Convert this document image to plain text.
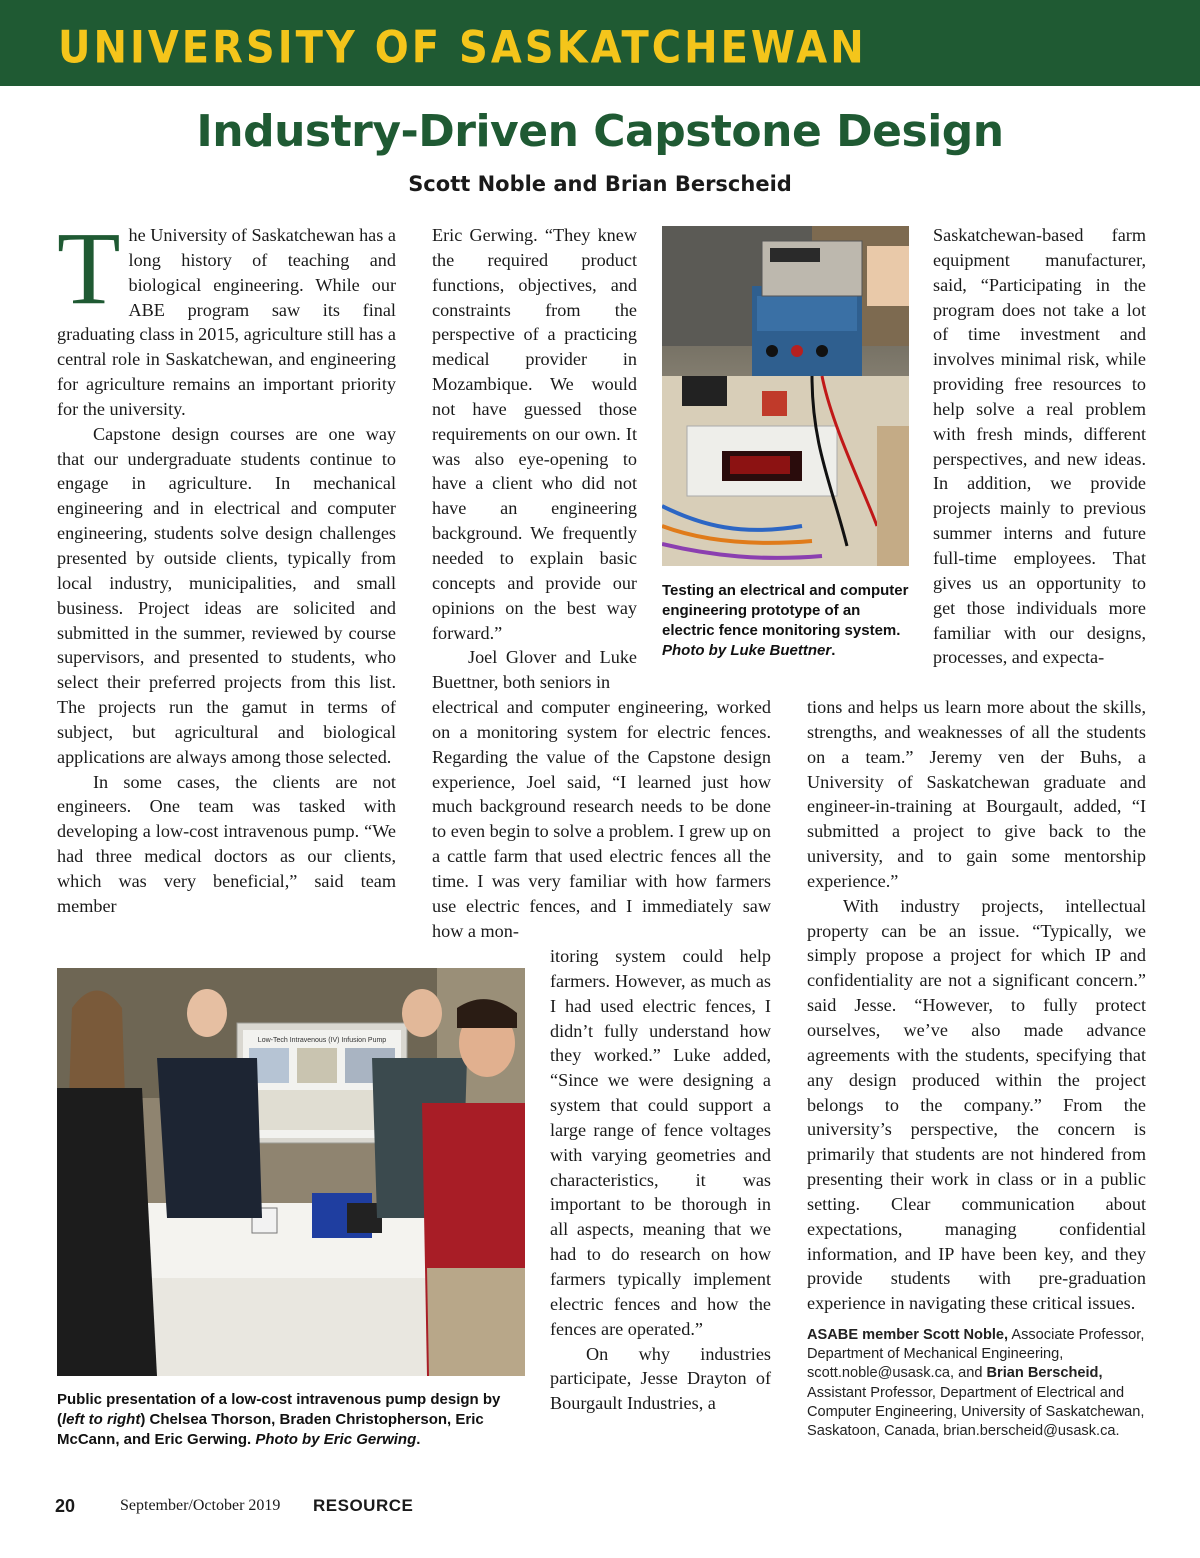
UNIVERSITY OF SASKATCHEWAN
Industry-Driven Capstone Design
Scott Noble and Brian Berscheid

The University of Saskatchewan has a long history of teaching and biological engineering. While our ABE program saw its final graduating class in 2015, agriculture still has a central role in Saskatchewan, and engineering for agriculture remains an important priority for the university.

Capstone design courses are one way that our undergraduate students continue to engage in agriculture. In mechanical engineering and in electrical and computer engineering, students solve design challenges presented by outside clients, typically from local industry, municipalities, and small business. Project ideas are solicited and submitted in the summer, reviewed by course supervisors, and presented to students, who select their preferred projects from this list. The projects run the gamut in terms of subject, but agricultural and biological applications are always among those selected.

In some cases, the clients are not engineers. One team was tasked with developing a low-cost intravenous pump. “We had three medical doctors as our clients, which was very beneficial,” said team member

Eric Gerwing. “They knew the required product functions, objectives, and constraints from the perspective of a practicing medical provider in Mozambique. We would not have guessed those requirements on our own. It was also eye-opening to have a client who did not have an engineering background. We frequently needed to explain basic concepts and provide our opinions on the best way forward.”

Joel Glover and Luke Buettner, both seniors in

electrical and computer engineering, worked on a monitoring system for electric fences. Regarding the value of the Capstone design experience, Joel said, “I learned just how much background research needs to be done to even begin to solve a problem. I grew up on a cattle farm that used electric fences all the time. I was very familiar with how farmers use electric fences, and I immediately saw how a mon-

itoring system could help farmers. However, as much as I had used electric fences, I didn’t fully understand how they worked.” Luke added, “Since we were designing a system that could support a large range of fence voltages with varying geometries and characteristics, it was important to be thorough in all aspects, meaning that we had to do research on how farmers typically implement electric fences and how the fences are operated.”

On why industries participate, Jesse Drayton of Bourgault Industries, a

Saskatchewan-based farm equipment manufacturer, said, “Participating in the program does not take a lot of time investment and involves minimal risk, while providing free resources to help solve a real problem with fresh minds, different perspectives, and new ideas. In addition, we provide projects mainly to previous summer interns and future full-time employees. That gives us an opportunity to get those individuals more familiar with our designs, processes, and expecta-

tions and helps us learn more about the skills, strengths, and weaknesses of all the students on a team.” Jeremy ven der Buhs, a University of Saskatchewan graduate and engineer-in-training at Bourgault, added, “I submitted a project to give back to the university, and to gain some mentorship experience.”

With industry projects, intellectual property can be an issue. “Typically, we simply propose a project for which IP and confidentiality are not a significant concern.” said Jesse. “However, to fully protect ourselves, we’ve also made advance agreements with the students, specifying that any design produced within the project belongs to the company.” From the university’s perspective, the concern is primarily that students are not hindered from presenting their work in class or in a public setting. Clear communication about expectations, managing confidential information, and IP have been key, and they provide students with pre-graduation experience in navigating these critical issues.

Testing an electrical and computer engineering prototype of an electric fence monitoring system. Photo by Luke Buettner.
Low-Tech Intravenous (IV) Infusion Pump
Public presentation of a low-cost intravenous pump design by (left to right) Chelsea Thorson, Braden Christopherson, Eric McCann, and Eric Gerwing. Photo by Eric Gerwing.
ASABE member Scott Noble, Associate Professor, Department of Mechanical Engineering, scott.noble@usask.ca, and Brian Berscheid, Assistant Professor, Department of Electrical and Computer Engineering, University of Saskatchewan, Saskatoon, Canada, brian.berscheid@usask.ca.
20	September/October 2019 RESOURCE
